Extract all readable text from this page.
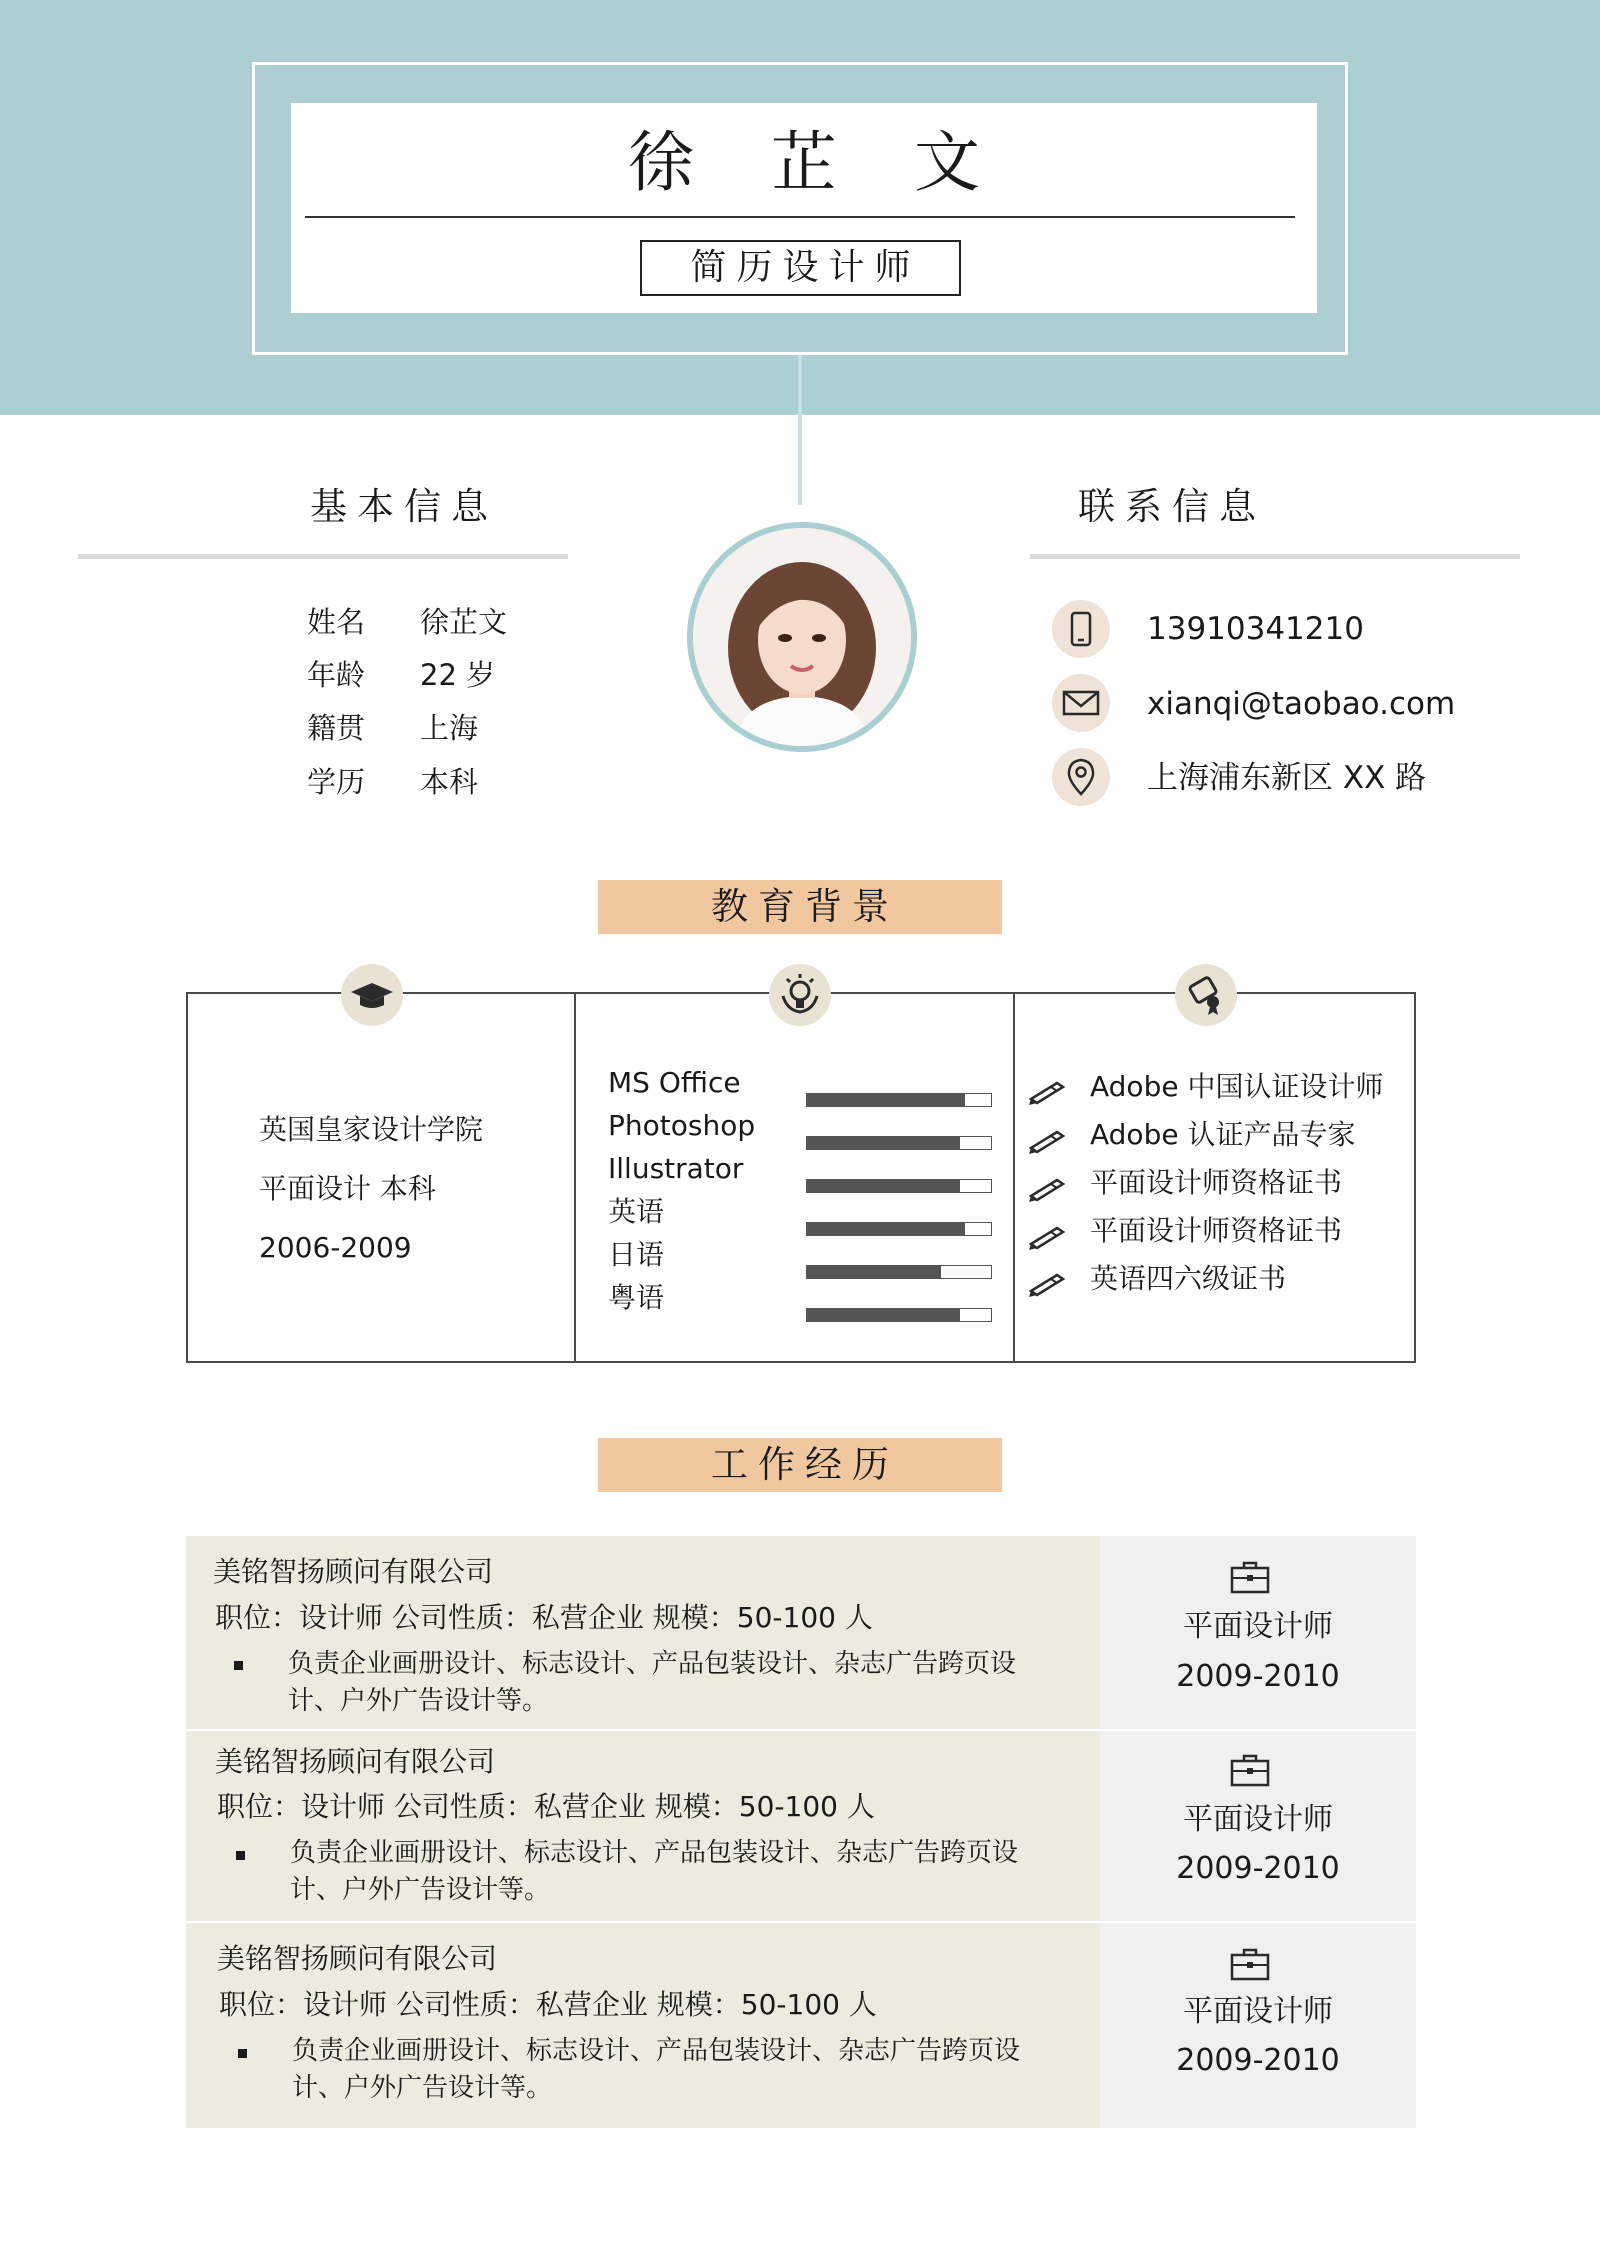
徐 芷 文
简历设计师
基本信息
姓名 徐芷文
年龄 22 岁
籍贯 上海
学历 本科
联系信息
13910341210
xianqi@taobao.com
上海浦东新区 XX 路
教育背景
英国皇家设计学院
平面设计 本科
2006-2009
MS Office
Photoshop
Illustrator
英语
日语
粤语
Adobe 中国认证设计师
Adobe 认证产品专家
平面设计师资格证书
平面设计师资格证书
英语四六级证书
工作经历
美铭智扬顾问有限公司
职位：设计师 公司性质：私营企业 规模：50-100 人
负责企业画册设计、标志设计、产品包装设计、杂志广告跨页设计、户外广告设计等。
平面设计师
2009-2010
美铭智扬顾问有限公司
职位：设计师 公司性质：私营企业 规模：50-100 人
负责企业画册设计、标志设计、产品包装设计、杂志广告跨页设计、户外广告设计等。
平面设计师
2009-2010
美铭智扬顾问有限公司
职位：设计师 公司性质：私营企业 规模：50-100 人
负责企业画册设计、标志设计、产品包装设计、杂志广告跨页设计、户外广告设计等。
平面设计师
2009-2010
